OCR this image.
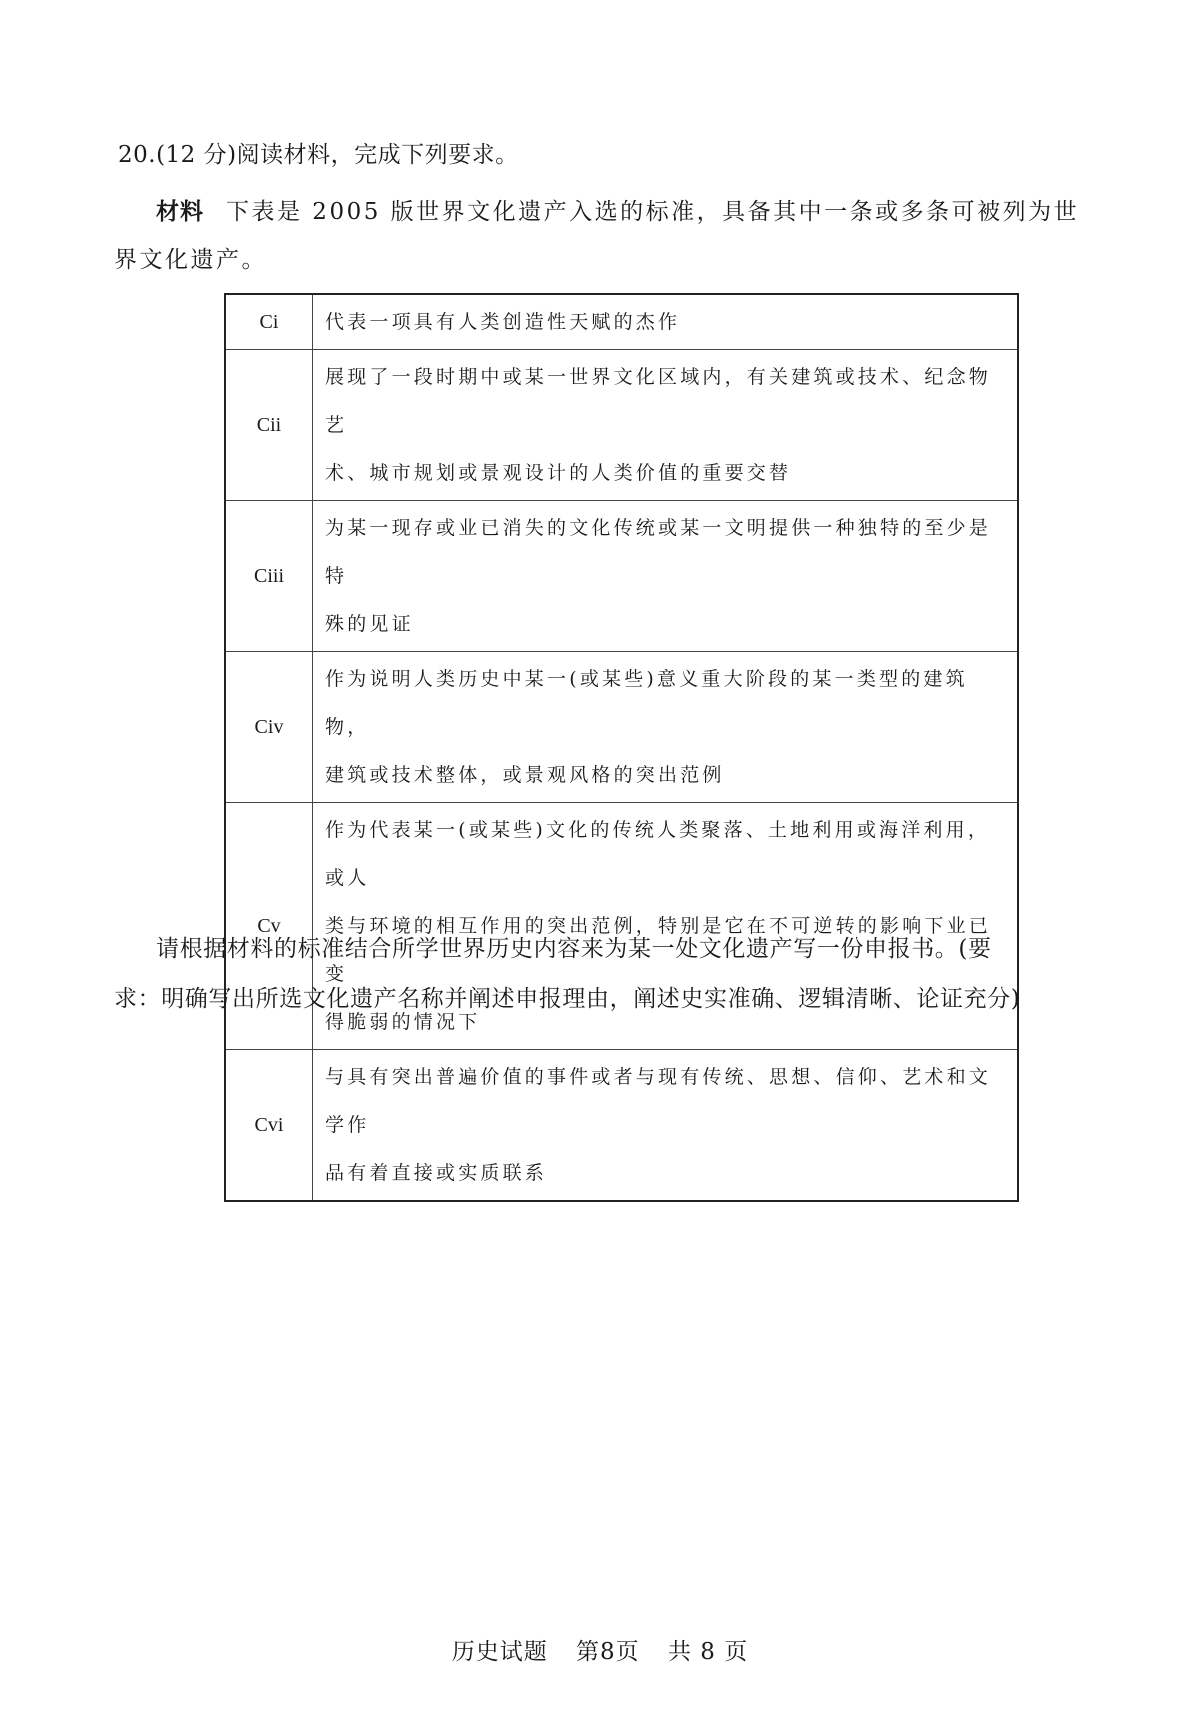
20.(12 分)阅读材料，完成下列要求。
材料 下表是 2005 版世界文化遗产入选的标准，具备其中一条或多条可被列为世
界文化遗产。
Ci	代表一项具有人类创造性天赋的杰作

Cii	展现了一段时期中或某一世界文化区域内，有关建筑或技术、纪念物艺
术、城市规划或景观设计的人类价值的重要交替

Ciii	为某一现存或业已消失的文化传统或某一文明提供一种独特的至少是特
殊的见证

Civ	作为说明人类历史中某一(或某些)意义重大阶段的某一类型的建筑物，
建筑或技术整体，或景观风格的突出范例

Cv	作为代表某一(或某些)文化的传统人类聚落、土地利用或海洋利用，或人
类与环境的相互作用的突出范例，特别是它在不可逆转的影响下业已变
得脆弱的情况下

Cvi	与具有突出普遍价值的事件或者与现有传统、思想、信仰、艺术和文学作
品有着直接或实质联系
请根据材料的标准结合所学世界历史内容来为某一处文化遗产写一份申报书。(要
求：明确写出所选文化遗产名称并阐述申报理由，阐述史实准确、逻辑清晰、论证充分)
历史试题 第8页 共 8 页
